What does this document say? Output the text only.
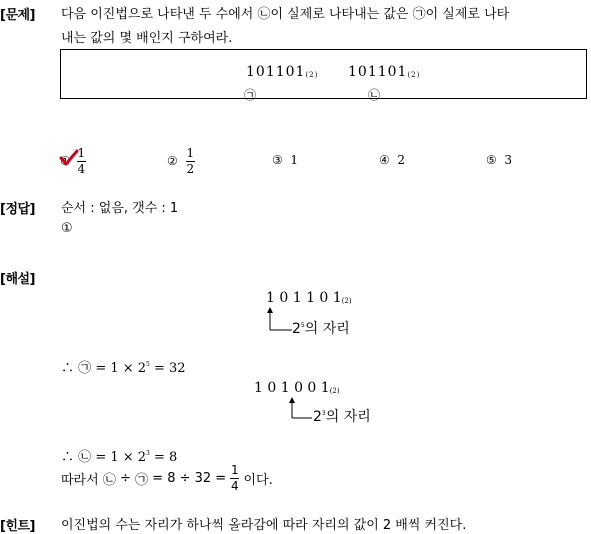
[문제] 다음 이진법으로 나타낸 두 수에서 ㉡이 실제로 나타내는 값은 ㉠이 실제로 나타
내는 값의 몇 배인지 구하여라.
101101(2) 101101(2)
㉠	㉡
① $\frac{1}{4}$	② $\frac{1}{2}$	③ 1	④ 2	⑤ 3
[정답] 순서 : 없음, 갯수 : 1
①
[해설]
1 0 1 1 0 1(2)
$2^5$의 자리
∴ ㉠ = $1 \times 2^5 = 32$
1 0 1 0 0 1(2)
$2^3$의 자리
∴ ㉡ = $1 \times 2^3 = 8$
따라서
㉡ ÷ ㉠
= 8 ÷ 32 =
$\frac{1}{4}$
이다.
[힌트] 이진법의 수는 자리가 하나씩 올라감에 따라 자리의 값이 2 배씩 커진다.
